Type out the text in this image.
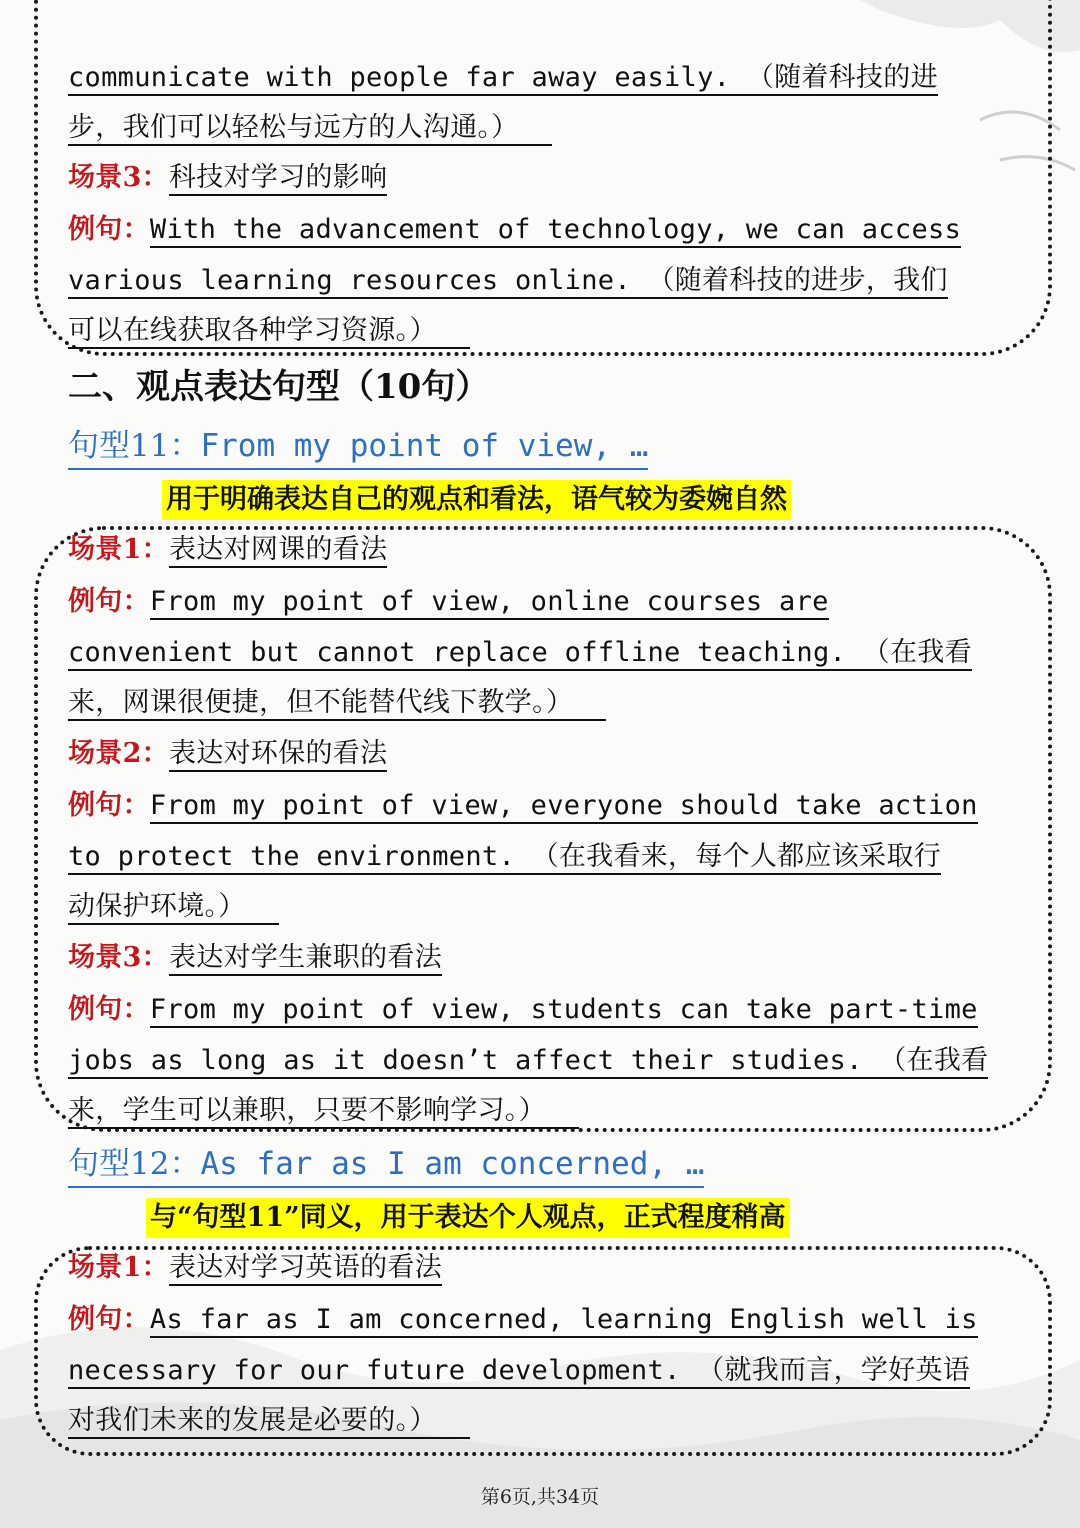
communicate with people far away easily. （随着科技的进
步，我们可以轻松与远方的人沟通。）
场景3：科技对学习的影响
例句：With the advancement of technology, we can access
various learning resources online. （随着科技的进步，我们
可以在线获取各种学习资源。）
二、观点表达句型（10句）
句型11：From my point of view, …
用于明确表达自己的观点和看法，语气较为委婉自然
场景1：表达对网课的看法
例句：From my point of view, online courses are
convenient but cannot replace offline teaching. （在我看
来，网课很便捷，但不能替代线下教学。）
场景2：表达对环保的看法
例句：From my point of view, everyone should take action
to protect the environment. （在我看来，每个人都应该采取行
动保护环境。）
场景3：表达对学生兼职的看法
例句：From my point of view, students can take part-time
jobs as long as it doesn’t affect their studies. （在我看
来，学生可以兼职，只要不影响学习。）
句型12：As far as I am concerned, …
与“句型11”同义，用于表达个人观点，正式程度稍高
场景1：表达对学习英语的看法
例句：As far as I am concerned, learning English well is
necessary for our future development. （就我而言，学好英语
对我们未来的发展是必要的。）
第6页,共34页
